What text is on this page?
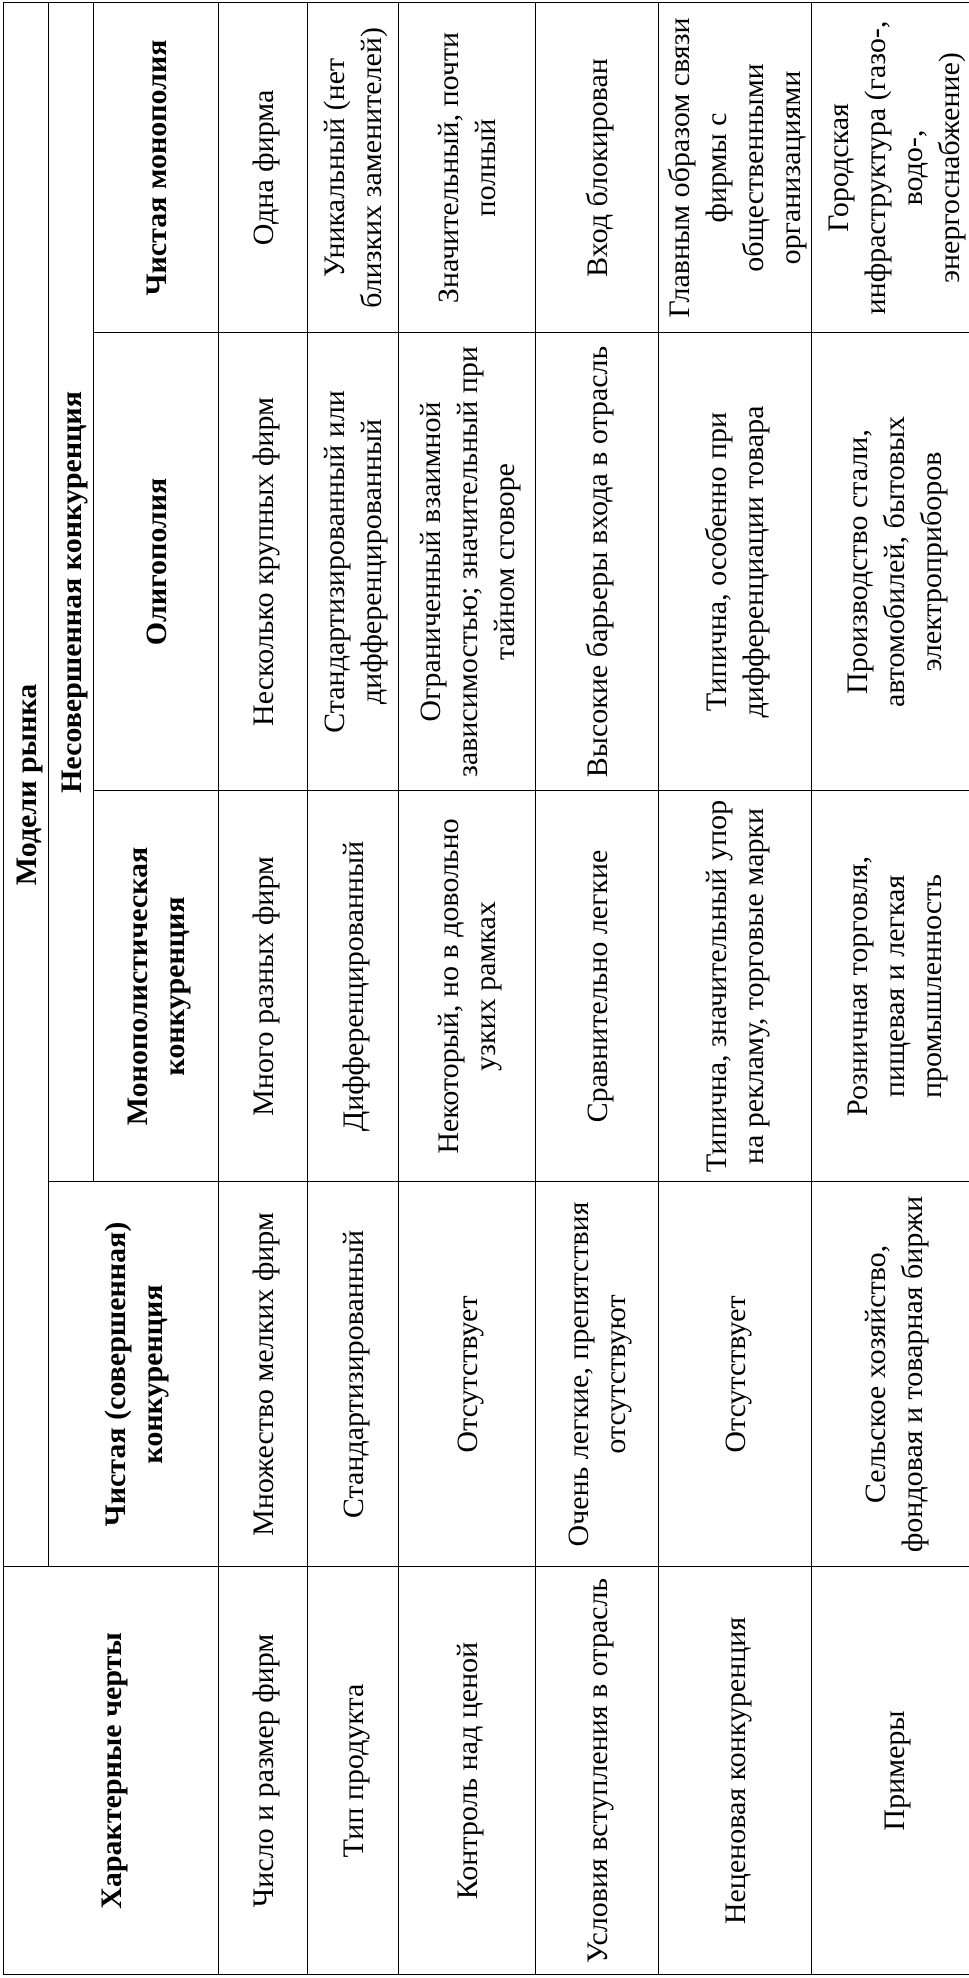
Характерные черты	Модели рынка			
	Чистая (совершенная) конкуренция	Несовершенная конкуренция		
		Монополистическая конкуренция	Олигополия	Чистая монополия
Число и размер фирм	Множество мелких фирм	Много разных фирм	Несколько крупных фирм	Одна фирма
Тип продукта	Стандартизированный	Дифференцированный	Стандартизированный или дифференцированный	Уникальный (нет близких заменителей)
Контроль над ценой	Отсутствует	Некоторый, но в довольно узких рамках	Ограниченный взаимной зависимостью; значительный при тайном сговоре	Значительный, почти полный
Условия вступления в отрасль	Очень легкие, препятствия отсутствуют	Сравнительно легкие	Высокие барьеры входа в отрасль	Вход блокирован
Неценовая конкуренция	Отсутствует	Типична, значительный упор на рекламу, торговые марки	Типична, особенно при дифференциации товара	Главным образом связи фирмы с общественными организациями
Примеры	Сельское хозяйство, фондовая и товарная биржи	Розничная торговля, пищевая и легкая промышленность	Производство стали, автомобилей, бытовых электроприборов	Городская инфраструктура (газо-, водо-, энергоснабжение)
